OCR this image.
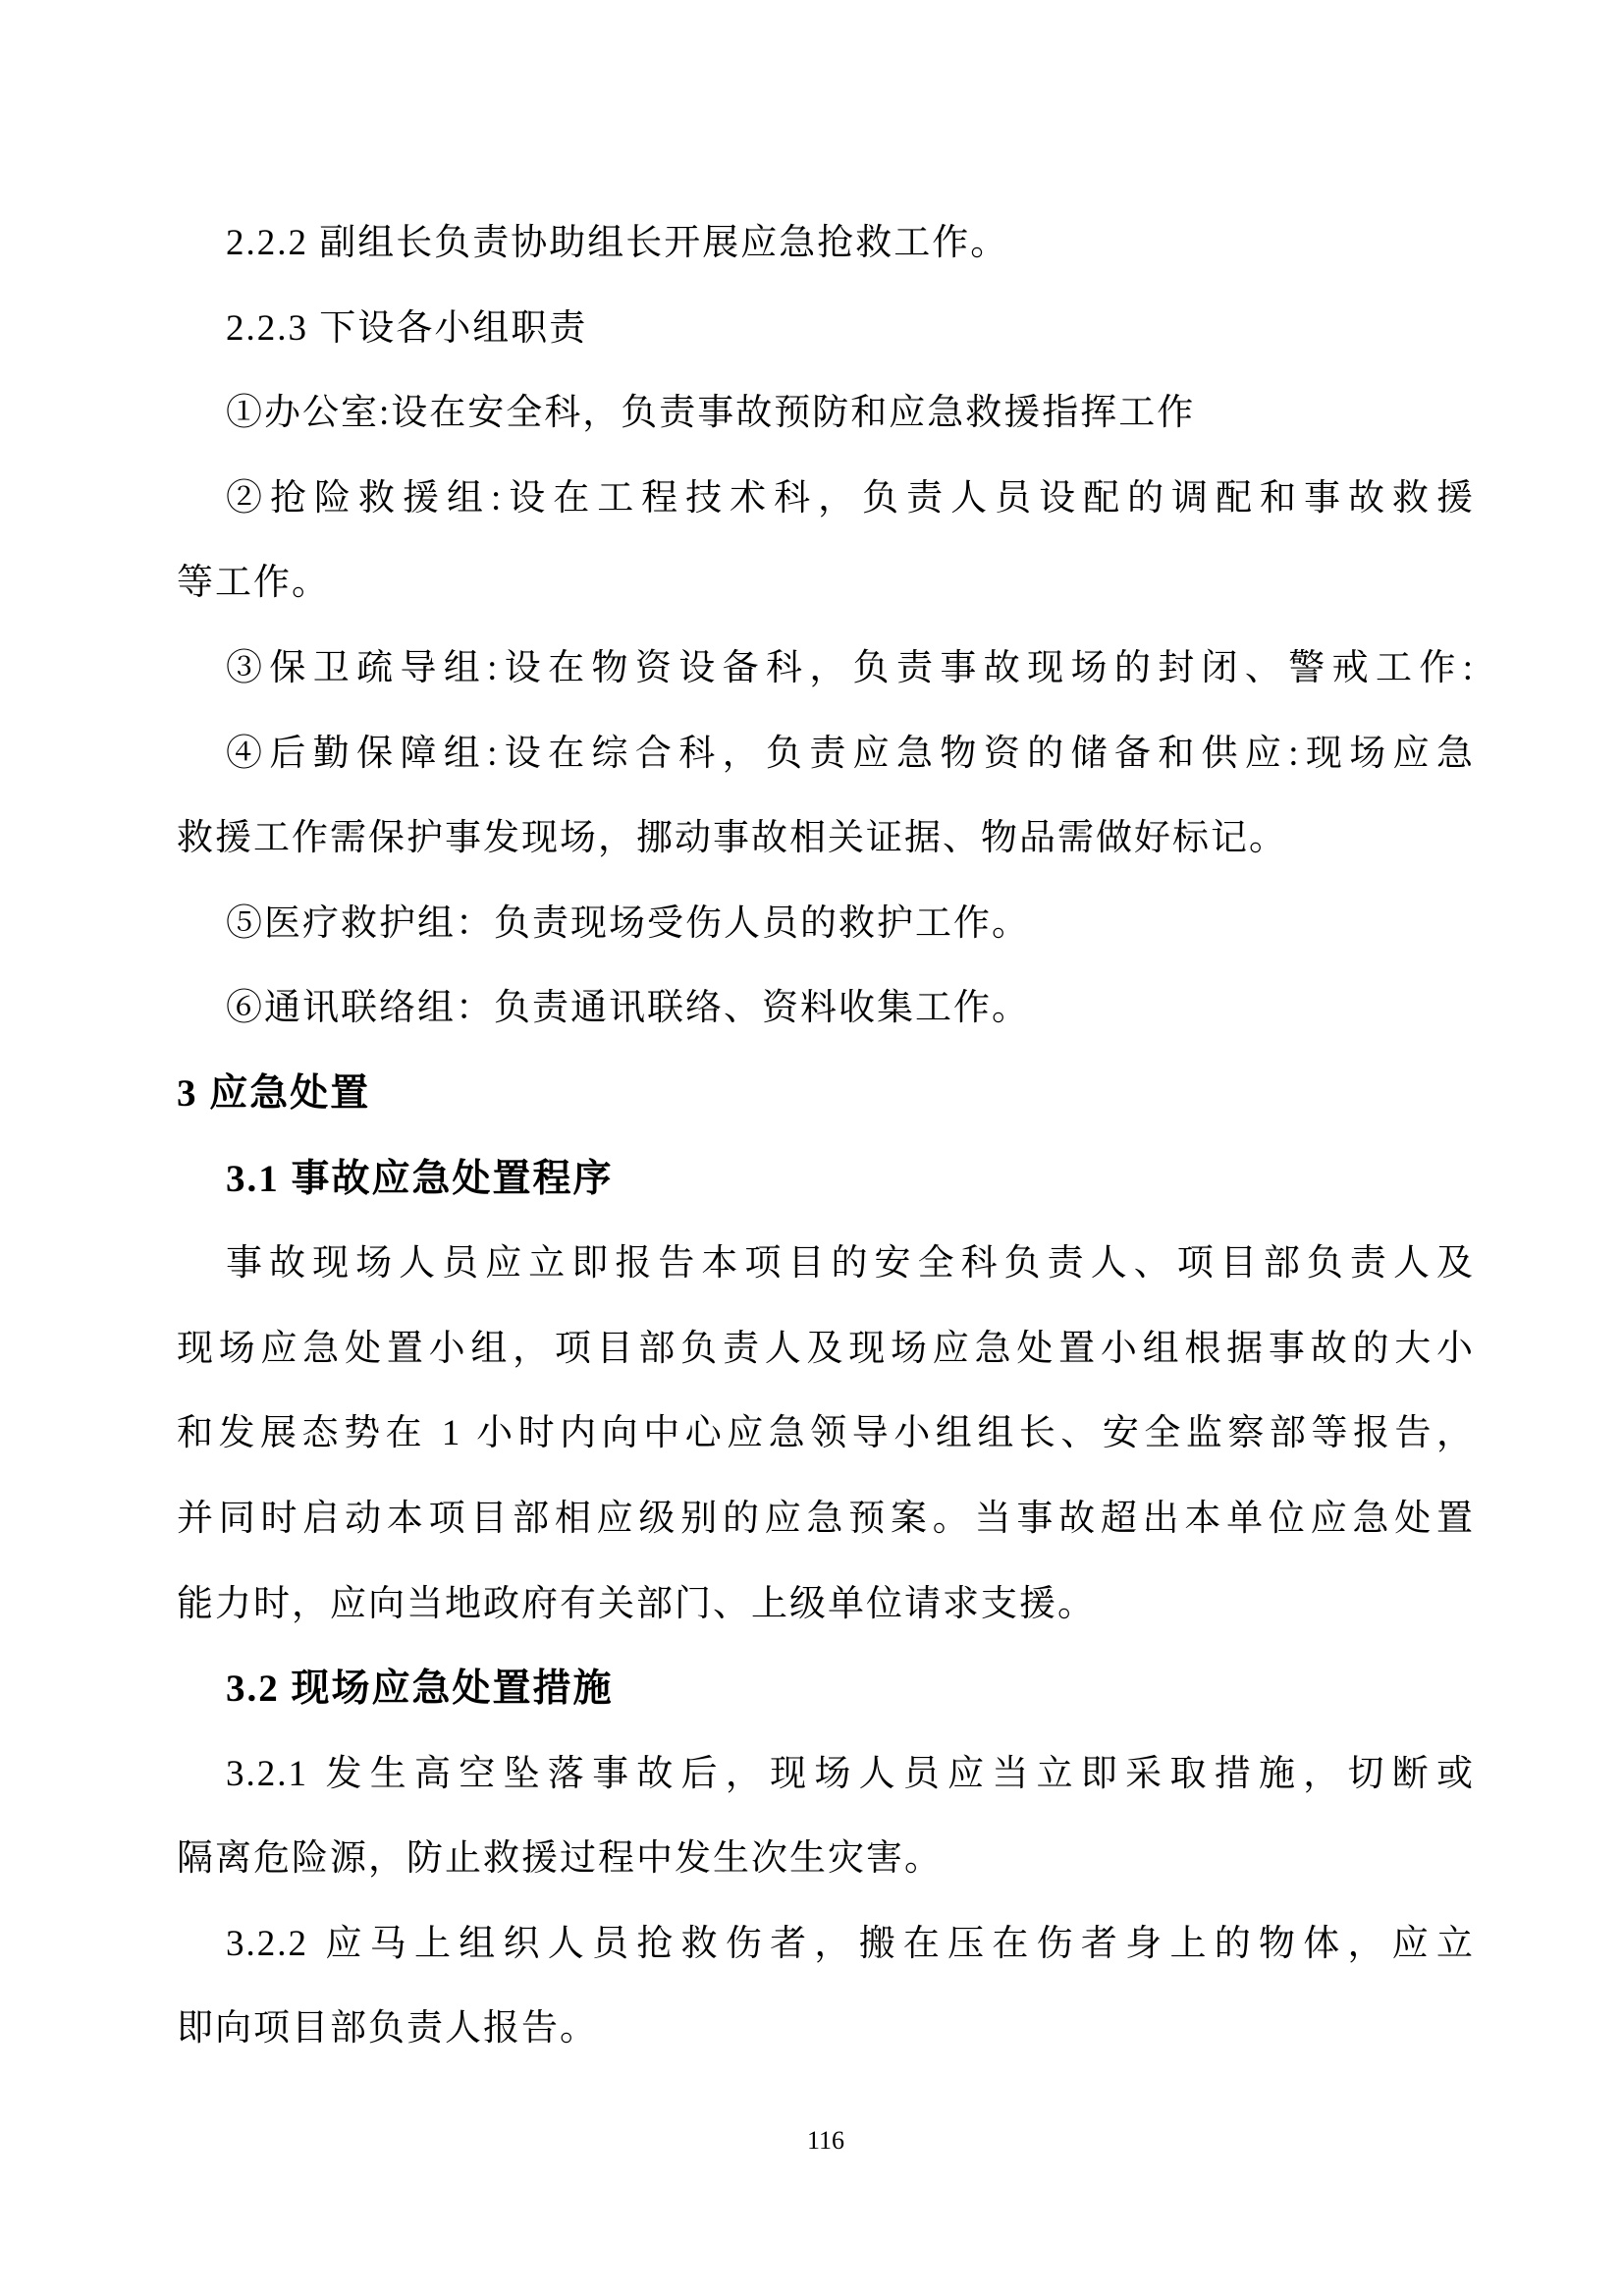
2.2.2 副组长负责协助组长开展应急抢救工作。
2.2.3 下设各小组职责
①办公室:设在安全科，负责事故预防和应急救援指挥工作
②抢险救援组:设在工程技术科，负责人员设配的调配和事故救援
等工作。
③保卫疏导组:设在物资设备科，负责事故现场的封闭、警戒工作:
④后勤保障组:设在综合科，负责应急物资的储备和供应:现场应急
救援工作需保护事发现场，挪动事故相关证据、物品需做好标记。
⑤医疗救护组：负责现场受伤人员的救护工作。
⑥通讯联络组：负责通讯联络、资料收集工作。
3 应急处置
3.1 事故应急处置程序
事故现场人员应立即报告本项目的安全科负责人、项目部负责人及
现场应急处置小组，项目部负责人及现场应急处置小组根据事故的大小
和发展态势在 1 小时内向中心应急领导小组组长、安全监察部等报告，
并同时启动本项目部相应级别的应急预案。当事故超出本单位应急处置
能力时，应向当地政府有关部门、上级单位请求支援。
3.2 现场应急处置措施
3.2.1 发生高空坠落事故后，现场人员应当立即采取措施，切断或
隔离危险源，防止救援过程中发生次生灾害。
3.2.2 应马上组织人员抢救伤者，搬在压在伤者身上的物体，应立
即向项目部负责人报告。
116
